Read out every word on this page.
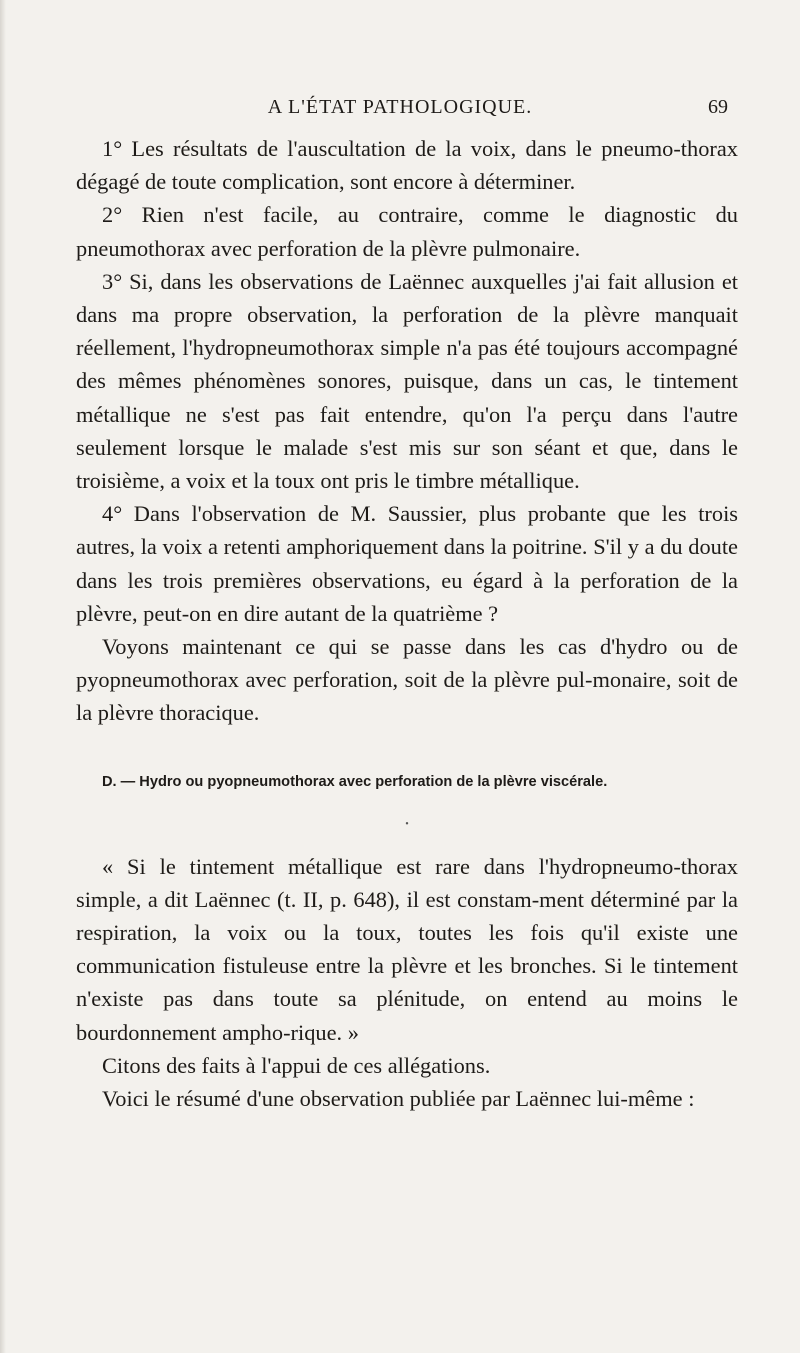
A L'ÉTAT PATHOLOGIQUE.	69

1° Les résultats de l'auscultation de la voix, dans le pneumo-thorax dégagé de toute complication, sont encore à déterminer.

2° Rien n'est facile, au contraire, comme le diagnostic du pneumothorax avec perforation de la plèvre pulmonaire.

3° Si, dans les observations de Laënnec auxquelles j'ai fait allusion et dans ma propre observation, la perforation de la plèvre manquait réellement, l'hydropneumothorax simple n'a pas été toujours accompagné des mêmes phénomènes sonores, puisque, dans un cas, le tintement métallique ne s'est pas fait entendre, qu'on l'a perçu dans l'autre seulement lorsque le malade s'est mis sur son séant et que, dans le troisième, a voix et la toux ont pris le timbre métallique.

4° Dans l'observation de M. Saussier, plus probante que les trois autres, la voix a retenti amphoriquement dans la poitrine. S'il y a du doute dans les trois premières observations, eu égard à la perforation de la plèvre, peut-on en dire autant de la quatrième ?

Voyons maintenant ce qui se passe dans les cas d'hydro ou de pyopneumothorax avec perforation, soit de la plèvre pul-monaire, soit de la plèvre thoracique.

D. — Hydro ou pyopneumothorax avec perforation de la plèvre viscérale.
•

« Si le tintement métallique est rare dans l'hydropneumo-thorax simple, a dit Laënnec (t. II, p. 648), il est constam-ment déterminé par la respiration, la voix ou la toux, toutes les fois qu'il existe une communication fistuleuse entre la plèvre et les bronches. Si le tintement n'existe pas dans toute sa plénitude, on entend au moins le bourdonnement ampho-rique. »

Citons des faits à l'appui de ces allégations.

Voici le résumé d'une observation publiée par Laënnec lui-même :
